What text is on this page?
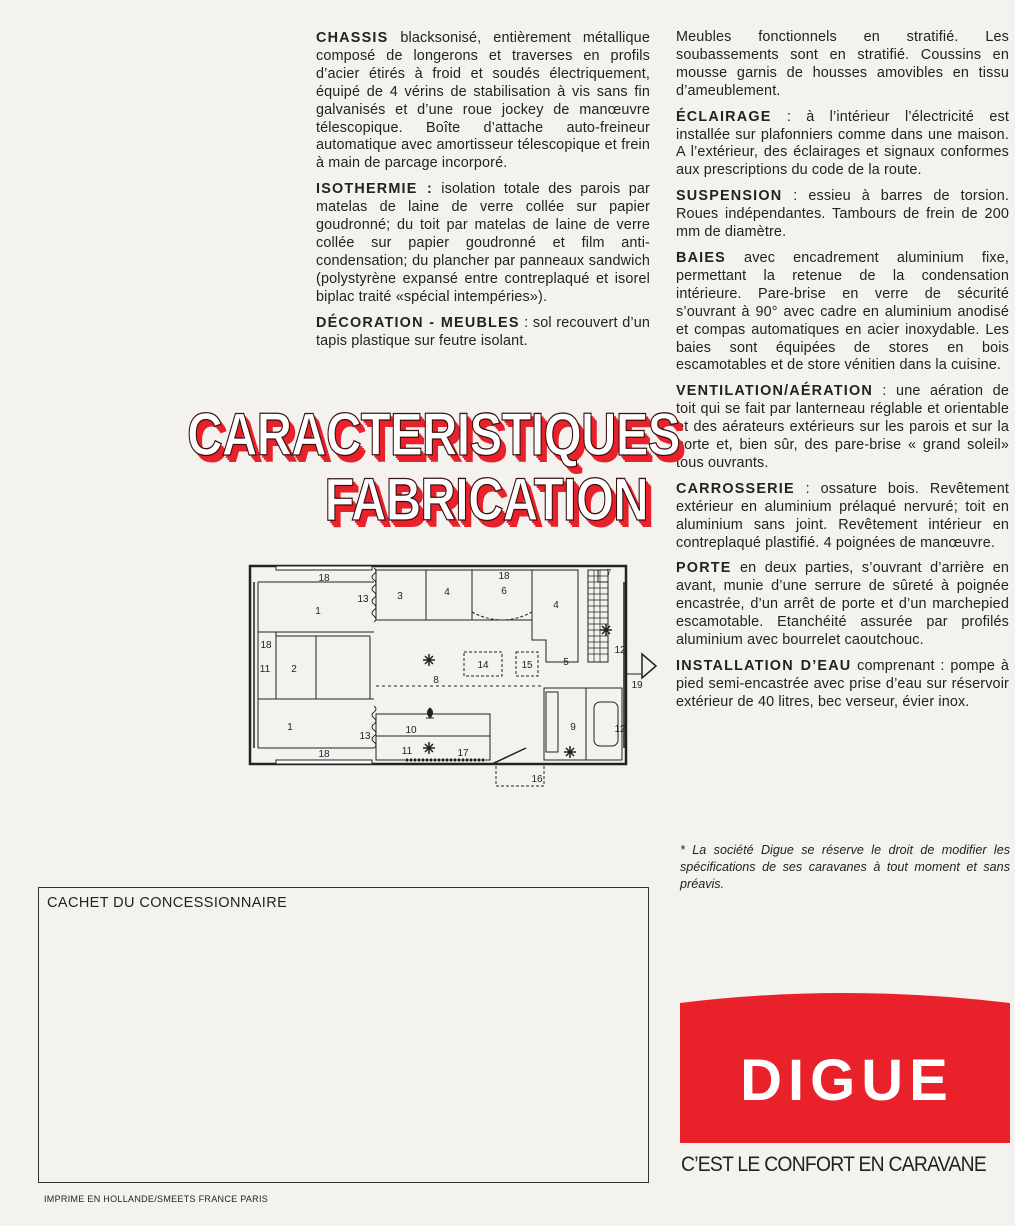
CHASSIS blacksonisé, entièrement métallique composé de longerons et traverses en profils d’acier étirés à froid et soudés électriquement, équipé de 4 vérins de stabilisation à vis sans fin galvanisés et d’une roue jockey de manœuvre télescopique. Boîte d’attache auto-freineur automatique avec amortisseur télescopique et frein à main de parcage incorporé.

ISOTHERMIE : isolation totale des parois par matelas de laine de verre collée sur papier goudronné; du toit par matelas de laine de verre collée sur papier goudronné et film anti-condensation; du plancher par panneaux sandwich (polystyrène expansé entre contreplaqué et isorel biplac traité «spécial intempéries»).

DÉCORATION - MEUBLES : sol recouvert d’un tapis plastique sur feutre isolant.

Meubles fonctionnels en stratifié. Les soubassements sont en stratifié. Coussins en mousse garnis de housses amovibles en tissu d’ameublement.

ÉCLAIRAGE : à l’intérieur l’électricité est installée sur plafonniers comme dans une maison. A l’extérieur, des éclairages et signaux conformes aux prescriptions du code de la route.

SUSPENSION : essieu à barres de torsion. Roues indépendantes. Tambours de frein de 200 mm de diamètre.

BAIES avec encadrement aluminium fixe, permettant la retenue de la condensation intérieure. Pare-brise en verre de sécurité s’ouvrant à 90° avec cadre en aluminium anodisé et compas automatiques en acier inoxydable. Les baies sont équipées de stores en bois escamotables et de store vénitien dans la cuisine.

VENTILATION/AÉRATION : une aération de toit qui se fait par lanterneau réglable et orientable et des aérateurs extérieurs sur les parois et sur la porte et, bien sûr, des pare-brise « grand soleil» tous ouvrants.

CARROSSERIE : ossature bois. Revêtement extérieur en aluminium prélaqué nervuré; toit en aluminium sans joint. Revêtement intérieur en contreplaqué plastifié. 4 poignées de manœuvre.

PORTE en deux parties, s’ouvrant d’arrière en avant, munie d’une serrure de sûreté à poignée encastrée, d’un arrêt de porte et d’un marchepied escamotable. Etanchéité assurée par profilés aluminium avec bourrelet caoutchouc.

INSTALLATION D’EAU comprenant : pompe à pied semi-encastrée avec prise d’eau sur réservoir extérieur de 40 litres, bec verseur, évier inox.

CARACTERISTIQUES
FABRICATION
18
18
18
18
1
1
2
11
13
13
3	4
4
6
5
7
8
9
10
11
12
12
14	15
16
17
19
* La société Digue se réserve le droit de modifier les spécifications de ses caravanes à tout moment et sans préavis.
CACHET DU CONCESSIONNAIRE
DIGUE
C’EST LE CONFORT EN CARAVANE
IMPRIME EN HOLLANDE/SMEETS FRANCE PARIS
